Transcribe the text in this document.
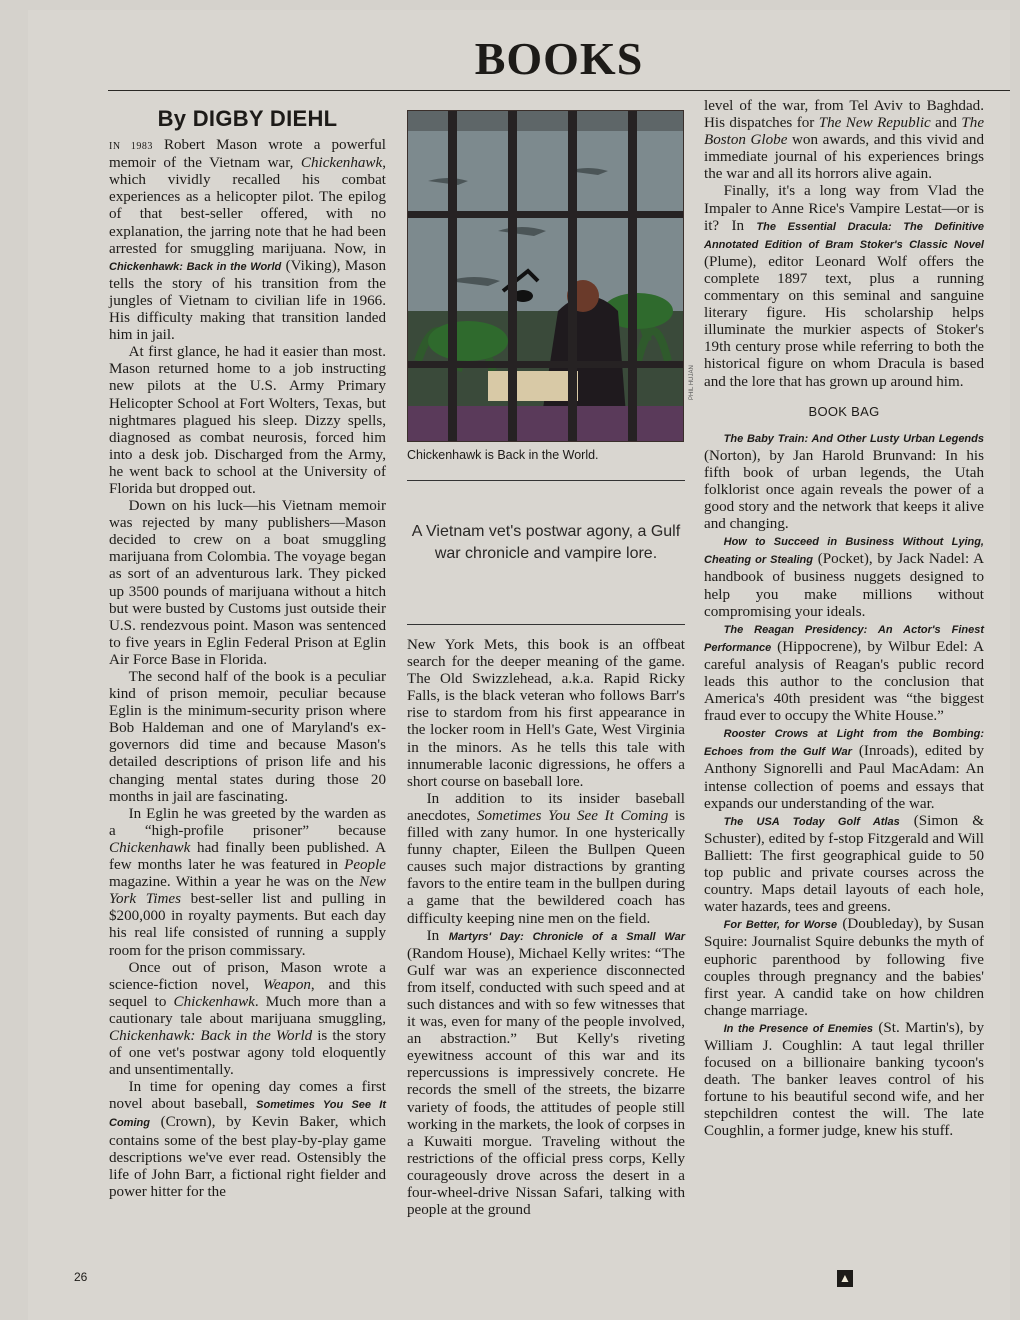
BOOKS
By DIGBY DIEHL

IN 1983 Robert Mason wrote a powerful memoir of the Vietnam war, Chickenhawk, which vividly recalled his combat experiences as a helicopter pilot. The epilog of that best-seller offered, with no explanation, the jarring note that he had been arrested for smuggling marijuana. Now, in Chickenhawk: Back in the World (Viking), Mason tells the story of his transition from the jungles of Vietnam to civilian life in 1966. His difficulty making that transition landed him in jail.

At first glance, he had it easier than most. Mason returned home to a job instructing new pilots at the U.S. Army Primary Helicopter School at Fort Wolters, Texas, but nightmares plagued his sleep. Dizzy spells, diagnosed as combat neurosis, forced him into a desk job. Discharged from the Army, he went back to school at the University of Florida but dropped out.

Down on his luck—his Vietnam memoir was rejected by many publishers—Mason decided to crew on a boat smuggling marijuana from Colombia. The voyage began as sort of an adventurous lark. They picked up 3500 pounds of marijuana without a hitch but were busted by Customs just outside their U.S. rendezvous point. Mason was sentenced to five years in Eglin Federal Prison at Eglin Air Force Base in Florida.

The second half of the book is a peculiar kind of prison memoir, peculiar because Eglin is the minimum-security prison where Bob Haldeman and one of Maryland's ex-governors did time and because Mason's detailed descriptions of prison life and his changing mental states during those 20 months in jail are fascinating.

In Eglin he was greeted by the warden as a “high-profile prisoner” because Chickenhawk had finally been published. A few months later he was featured in People magazine. Within a year he was on the New York Times best-seller list and pulling in $200,000 in royalty payments. But each day his real life consisted of running a supply room for the prison commissary.

Once out of prison, Mason wrote a science-fiction novel, Weapon, and this sequel to Chickenhawk. Much more than a cautionary tale about marijuana smuggling, Chickenhawk: Back in the World is the story of one vet's postwar agony told eloquently and unsentimentally.

In time for opening day comes a first novel about baseball, Sometimes You See It Coming (Crown), by Kevin Baker, which contains some of the best play-by-play game descriptions we've ever read. Ostensibly the life of John Barr, a fictional right fielder and power hitter for the

PHIL HUJAN
Chickenhawk is Back in the World.
A Vietnam vet's postwar agony, a Gulf war chronicle and vampire lore.

New York Mets, this book is an offbeat search for the deeper meaning of the game. The Old Swizzlehead, a.k.a. Rapid Ricky Falls, is the black veteran who follows Barr's rise to stardom from his first appearance in the locker room in Hell's Gate, West Virginia in the minors. As he tells this tale with innumerable laconic digressions, he offers a short course on baseball lore.

In addition to its insider baseball anecdotes, Sometimes You See It Coming is filled with zany humor. In one hysterically funny chapter, Eileen the Bullpen Queen causes such major distractions by granting favors to the entire team in the bullpen during a game that the bewildered coach has difficulty keeping nine men on the field.

In Martyrs' Day: Chronicle of a Small War (Random House), Michael Kelly writes: “The Gulf war was an experience disconnected from itself, conducted with such speed and at such distances and with so few witnesses that it was, even for many of the people involved, an abstraction.” But Kelly's riveting eyewitness account of this war and its repercussions is impressively concrete. He records the smell of the streets, the bizarre variety of foods, the attitudes of people still working in the markets, the look of corpses in a Kuwaiti morgue. Traveling without the restrictions of the official press corps, Kelly courageously drove across the desert in a four-wheel-drive Nissan Safari, talking with people at the ground

level of the war, from Tel Aviv to Baghdad. His dispatches for The New Republic and The Boston Globe won awards, and this vivid and immediate journal of his experiences brings the war and all its horrors alive again.

Finally, it's a long way from Vlad the Impaler to Anne Rice's Vampire Lestat—or is it? In The Essential Dracula: The Definitive Annotated Edition of Bram Stoker's Classic Novel (Plume), editor Leonard Wolf offers the complete 1897 text, plus a running commentary on this seminal and sanguine literary figure. His scholarship helps illuminate the murkier aspects of Stoker's 19th century prose while referring to both the historical figure on whom Dracula is based and the lore that has grown up around him.

BOOK BAG

The Baby Train: And Other Lusty Urban Legends (Norton), by Jan Harold Brunvand: In his fifth book of urban legends, the Utah folklorist once again reveals the power of a good story and the network that keeps it alive and changing.

How to Succeed in Business Without Lying, Cheating or Stealing (Pocket), by Jack Nadel: A handbook of business nuggets designed to help you make millions without compromising your ideals.

The Reagan Presidency: An Actor's Finest Performance (Hippocrene), by Wilbur Edel: A careful analysis of Reagan's public record leads this author to the conclusion that America's 40th president was “the biggest fraud ever to occupy the White House.”

Rooster Crows at Light from the Bombing: Echoes from the Gulf War (Inroads), edited by Anthony Signorelli and Paul MacAdam: An intense collection of poems and essays that expands our understanding of the war.

The USA Today Golf Atlas (Simon & Schuster), edited by f-stop Fitzgerald and Will Balliett: The first geographical guide to 50 top public and private courses across the country. Maps detail layouts of each hole, water hazards, tees and greens.

For Better, for Worse (Doubleday), by Susan Squire: Journalist Squire debunks the myth of euphoric parenthood by following five couples through pregnancy and the babies' first year. A candid take on how children change marriage.

In the Presence of Enemies (St. Martin's), by William J. Coughlin: A taut legal thriller focused on a billionaire banking tycoon's death. The banker leaves control of his fortune to his beautiful second wife, and her stepchildren contest the will. The late Coughlin, a former judge, knew his stuff.

▲
26
